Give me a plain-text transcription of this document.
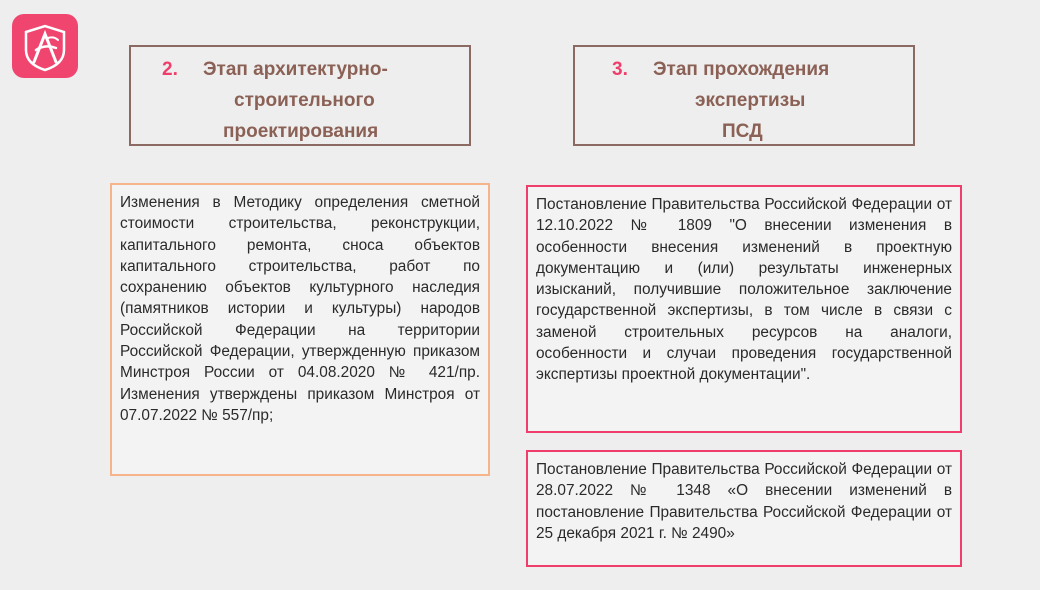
2. Этап архитектурно-
строительного
проектирования
3. Этап прохождения
экспертизы
ПСД
Изменения в Методику определения сметной стоимости строительства, реконструкции, капитального ремонта, сноса объектов капитального строительства, работ по сохранению объектов культурного наследия (памятников истории и культуры) народов Российской Федерации на территории Российской Федерации, утвержденную приказом Минстроя России от 04.08.2020 № 421/пр. Изменения утверждены приказом Минстроя от 07.07.2022 № 557/пр;
Постановление Правительства Российской Федерации от 12.10.2022 № 1809 "О внесении изменения в особенности внесения изменений в проектную документацию и (или) результаты инженерных изысканий, получившие положительное заключение государственной экспертизы, в том числе в связи с заменой строительных ресурсов на аналоги, особенности и случаи проведения государственной экспертизы проектной документации".
Постановление Правительства Российской Федерации от 28.07.2022 № 1348 «О внесении изменений в постановление Правительства Российской Федерации от 25 декабря 2021 г. № 2490»
